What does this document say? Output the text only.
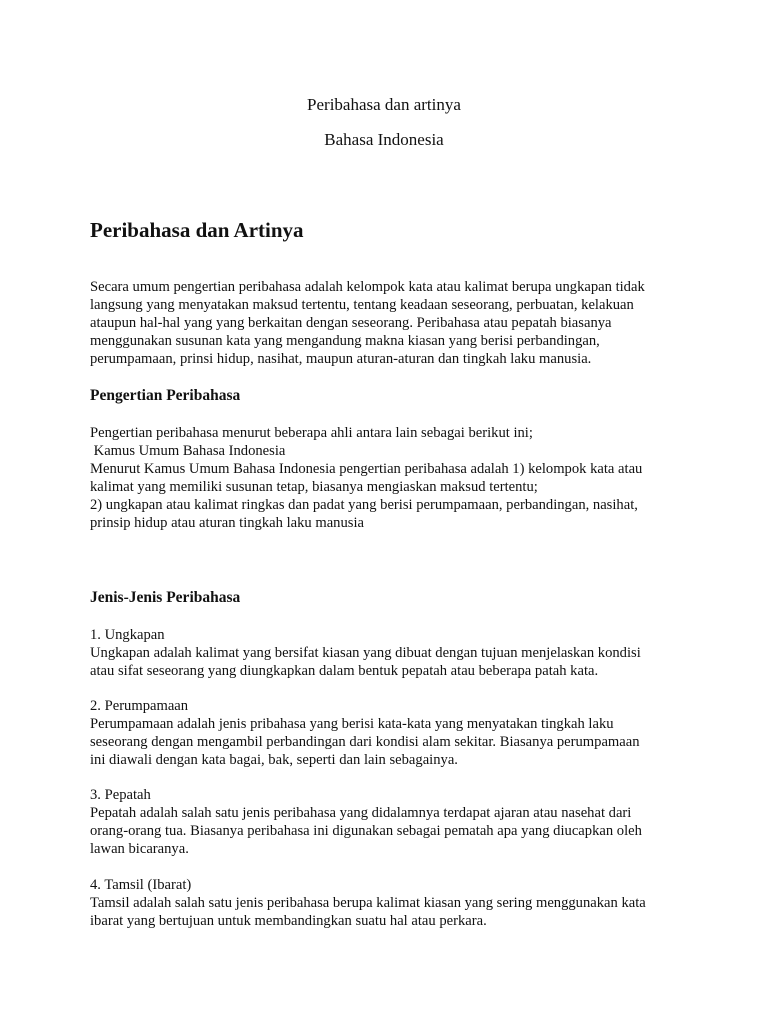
Peribahasa dan artinya

Bahasa Indonesia

Peribahasa dan Artinya

Secara umum pengertian peribahasa adalah kelompok kata atau kalimat berupa ungkapan tidak

langsung yang menyatakan maksud tertentu, tentang keadaan seseorang, perbuatan, kelakuan

ataupun hal-hal yang yang berkaitan dengan seseorang. Peribahasa atau pepatah biasanya

menggunakan susunan kata yang mengandung makna kiasan yang berisi perbandingan,

perumpamaan, prinsi hidup, nasihat, maupun aturan-aturan dan tingkah laku manusia.

Pengertian Peribahasa

Pengertian peribahasa menurut beberapa ahli antara lain sebagai berikut ini;

Kamus Umum Bahasa Indonesia

Menurut Kamus Umum Bahasa Indonesia pengertian peribahasa adalah 1) kelompok kata atau

kalimat yang memiliki susunan tetap, biasanya mengiaskan maksud tertentu;

2) ungkapan atau kalimat ringkas dan padat yang berisi perumpamaan, perbandingan, nasihat,

prinsip hidup atau aturan tingkah laku manusia

Jenis-Jenis Peribahasa

1. Ungkapan

Ungkapan adalah kalimat yang bersifat kiasan yang dibuat dengan tujuan menjelaskan kondisi

atau sifat seseorang yang diungkapkan dalam bentuk pepatah atau beberapa patah kata.

2. Perumpamaan

Perumpamaan adalah jenis pribahasa yang berisi kata-kata yang menyatakan tingkah laku

seseorang dengan mengambil perbandingan dari kondisi alam sekitar. Biasanya perumpamaan

ini diawali dengan kata bagai, bak, seperti dan lain sebagainya.

3. Pepatah

Pepatah adalah salah satu jenis peribahasa yang didalamnya terdapat ajaran atau nasehat dari

orang-orang tua. Biasanya peribahasa ini digunakan sebagai pematah apa yang diucapkan oleh

lawan bicaranya.

4. Tamsil (Ibarat)

Tamsil adalah salah satu jenis peribahasa berupa kalimat kiasan yang sering menggunakan kata

ibarat yang bertujuan untuk membandingkan suatu hal atau perkara.
